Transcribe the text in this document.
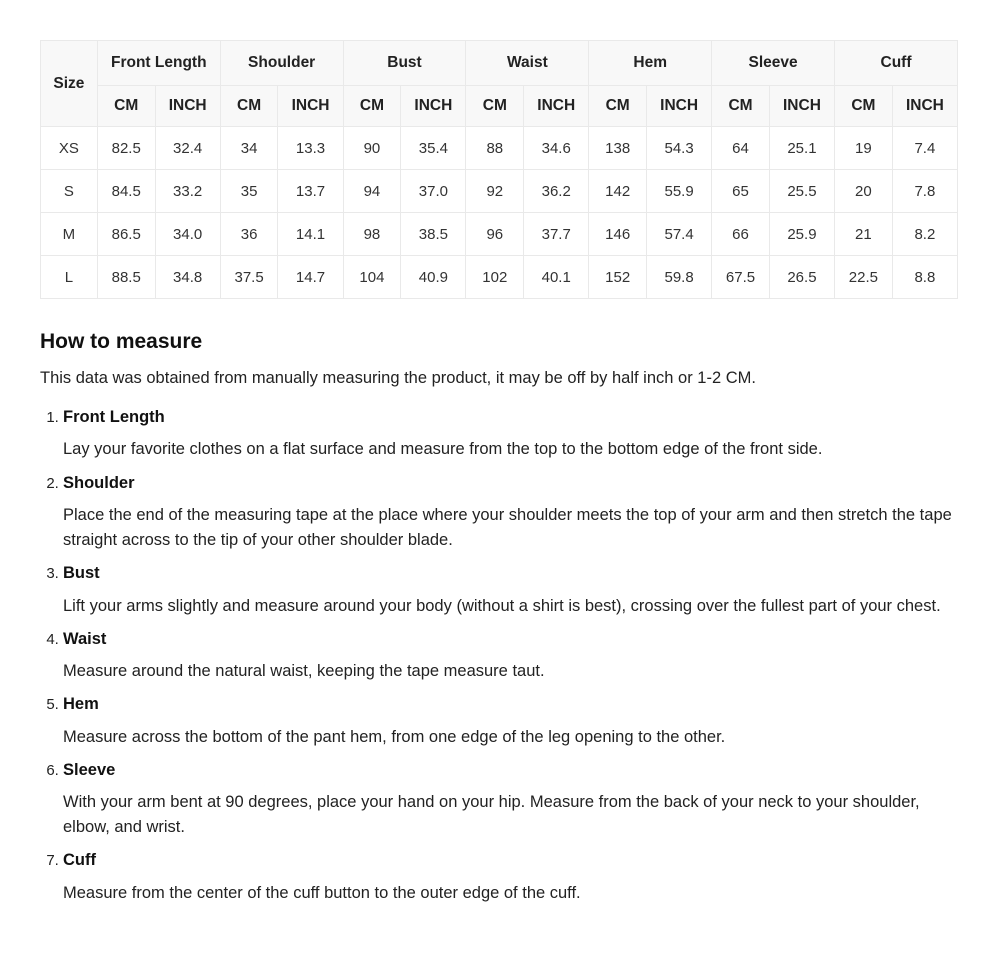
Size	Front Length		Shoulder		Bust		Waist		Hem		Sleeve		Cuff	
	CM	INCH	CM	INCH	CM	INCH	CM	INCH	CM	INCH	CM	INCH	CM	INCH
XS	82.5	32.4	34	13.3	90	35.4	88	34.6	138	54.3	64	25.1	19	7.4
S	84.5	33.2	35	13.7	94	37.0	92	36.2	142	55.9	65	25.5	20	7.8
M	86.5	34.0	36	14.1	98	38.5	96	37.7	146	57.4	66	25.9	21	8.2
L	88.5	34.8	37.5	14.7	104	40.9	102	40.1	152	59.8	67.5	26.5	22.5	8.8
How to measure

This data was obtained from manually measuring the product, it may be off by half inch or 1-2 CM.

1. Front Length

Lay your favorite clothes on a flat surface and measure from the top to the bottom edge of the front side.

2. Shoulder

Place the end of the measuring tape at the place where your shoulder meets the top of your arm and then stretch the tape straight across to the tip of your other shoulder blade.

3. Bust

Lift your arms slightly and measure around your body (without a shirt is best), crossing over the fullest part of your chest.

4. Waist

Measure around the natural waist, keeping the tape measure taut.

5. Hem

Measure across the bottom of the pant hem, from one edge of the leg opening to the other.

6. Sleeve

With your arm bent at 90 degrees, place your hand on your hip. Measure from the back of your neck to your shoulder, elbow, and wrist.

7. Cuff

Measure from the center of the cuff button to the outer edge of the cuff.
